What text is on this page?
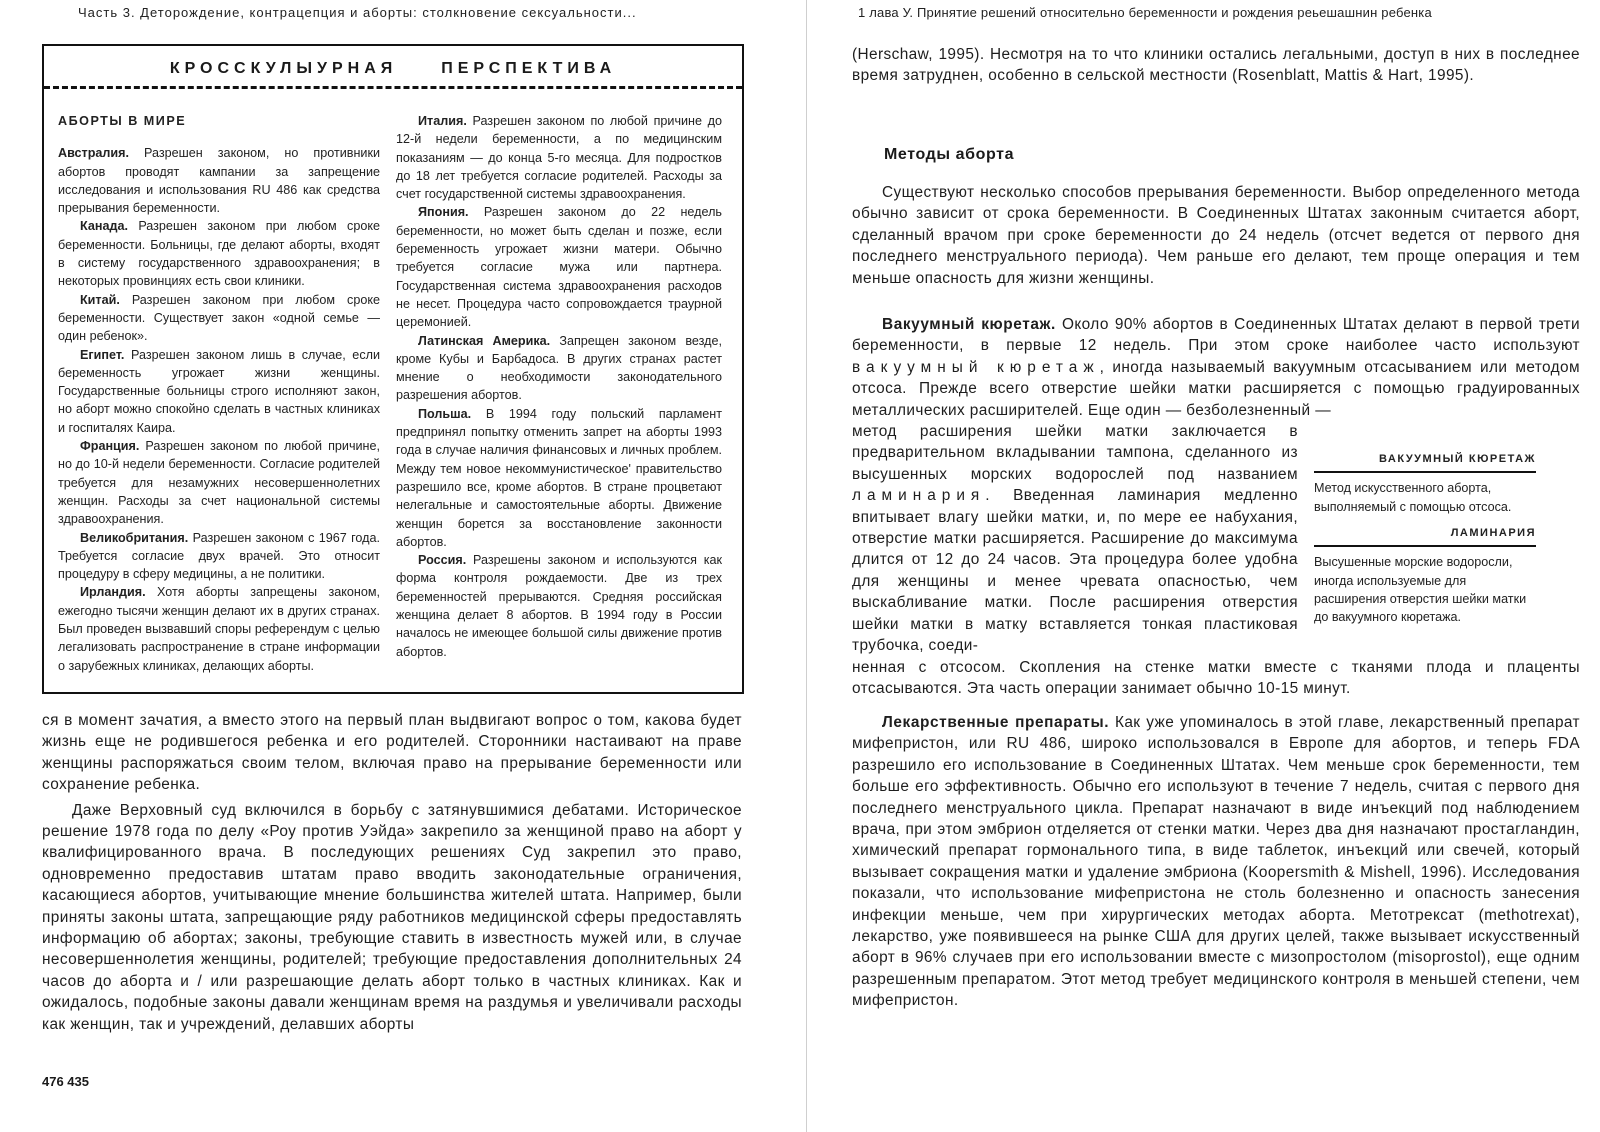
Часть 3. Деторождение, контрацепция и аборты: столкновение сексуальности...
КРОССКУЛЫУРНАЯ	ПЕРСПЕКТИВА
АБОРТЫ В МИРЕ

Австралия. Разрешен законом, но противники абортов проводят кампании за запрещение исследования и использования RU 486 как средства прерывания беременности.

Канада. Разрешен законом при любом сроке беременности. Больницы, где делают аборты, входят в систему государственного здравоохранения; в некоторых провинциях есть свои клиники.

Китай. Разрешен законом при любом сроке беременности. Существует закон «одной семье — один ребенок».

Египет. Разрешен законом лишь в случае, если беременность угрожает жизни женщины. Государственные больницы строго исполняют закон, но аборт можно спокойно сделать в частных клиниках и госпиталях Каира.

Франция. Разрешен законом по любой причине, но до 10-й недели беременности. Согласие родителей требуется для незамужних несовершеннолетних женщин. Расходы за счет национальной системы здравоохранения.

Великобритания. Разрешен законом с 1967 года. Требуется согласие двух врачей. Это относит процедуру в сферу медицины, а не политики.

Ирландия. Хотя аборты запрещены законом, ежегодно тысячи женщин делают их в других странах. Был проведен вызвавший споры референдум с целью легализовать распространение в стране информации о зарубежных клиниках, делающих аборты.

Италия. Разрешен законом по любой причине до 12-й недели беременности, а по медицинским показаниям — до конца 5-го месяца. Для подростков до 18 лет требуется согласие родителей. Расходы за счет государственной системы здравоохранения.

Япония. Разрешен законом до 22 недель беременности, но может быть сделан и позже, если беременность угрожает жизни матери. Обычно требуется согласие мужа или партнера. Государственная система здравоохранения расходов не несет. Процедура часто сопровождается траурной церемонией.

Латинская Америка. Запрещен законом везде, кроме Кубы и Барбадоса. В других странах растет мнение о необходимости законодательного разрешения абортов.

Польша. В 1994 году польский парламент предпринял попытку отменить запрет на аборты 1993 года в случае наличия финансовых и личных проблем. Между тем новое некоммунистическое' правительство разрешило все, кроме абортов. В стране процветают нелегальные и самостоятельные аборты. Движение женщин борется за восстановление законности абортов.

Россия. Разрешены законом и используются как форма контроля рождаемости. Две из трех беременностей прерываются. Средняя российская женщина делает 8 абортов. В 1994 году в России началось не имеющее большой силы движение против абортов.

ся в момент зачатия, а вместо этого на первый план выдвигают вопрос о том, какова будет жизнь еще не родившегося ребенка и его родителей. Сторонники настаивают на праве женщины распоряжаться своим телом, включая право на прерывание беременности или сохранение ребенка.

Даже Верховный суд включился в борьбу с затянувшимися дебатами. Историческое решение 1978 года по делу «Роу против Уэйда» закрепило за женщиной право на аборт у квалифицированного врача. В последующих решениях Суд закрепил это право, одновременно предоставив штатам право вводить законодательные ограничения, касающиеся абортов, учитывающие мнение большинства жителей штата. Например, были приняты законы штата, запрещающие ряду работников медицинской сферы предоставлять информацию об абортах; законы, требующие ставить в известность мужей или, в случае несовершеннолетия женщины, родителей; требующие предоставления дополнительных 24 часов до аборта и / или разрешающие делать аборт только в частных клиниках. Как и ожидалось, подобные законы давали женщинам время на раздумья и увеличивали расходы как женщин, так и учреждений, делавших аборты

476 435
1 лава У. Принятие решений относительно беременности и рождения реьешашнин ребенка

(Herschaw, 1995). Несмотря на то что клиники остались легальными, доступ в них в последнее время затруднен, особенно в сельской местности (Rosenblatt, Mattis & Hart, 1995).

Методы аборта

Существуют несколько способов прерывания беременности. Выбор определенного метода обычно зависит от срока беременности. В Соединенных Штатах законным считается аборт, сделанный врачом при сроке беременности до 24 недель (отсчет ведется от первого дня последнего менструального периода). Чем раньше его делают, тем проще операция и тем меньше опасность для жизни женщины.

Вакуумный кюретаж. Около 90% абортов в Соединенных Штатах делают в первой трети беременности, в первые 12 недель. При этом сроке наиболее часто используют вакуумный кюретаж, иногда называемый вакуумным отсасыванием или методом отсоса. Прежде всего отверстие шейки матки расширяется с помощью градуированных металлических расширителей. Еще один — безболезненный —

метод расширения шейки матки заключается в предварительном вкладывании тампона, сделанного из высушенных морских водорослей под названием ламинария. Введенная ламинария медленно впитывает влагу шейки матки, и, по мере ее набухания, отверстие матки расширяется. Расширение до максимума длится от 12 до 24 часов. Эта процедура более удобна для женщины и менее чревата опасностью, чем выскабливание матки. После расширения отверстия шейки матки в матку вставляется тонкая пластиковая трубочка, соеди-

ненная с отсосом. Скопления на стенке матки вместе с тканями плода и плаценты отсасываются. Эта часть операции занимает обычно 10-15 минут.

ВАКУУМНЫЙ КЮРЕТАЖ
Метод искусственного аборта, выполняемый с помощью отсоса.
ЛАМИНАРИЯ
Высушенные морские водоросли, иногда используемые для расширения отверстия шейки матки до вакуумного кюретажа.

Лекарственные препараты. Как уже упоминалось в этой главе, лекарственный препарат мифепристон, или RU 486, широко использовался в Европе для абортов, и теперь FDA разрешило его использование в Соединенных Штатах. Чем меньше срок беременности, тем больше его эффективность. Обычно его используют в течение 7 недель, считая с первого дня последнего менструального цикла. Препарат назначают в виде инъекций под наблюдением врача, при этом эмбрион отделяется от стенки матки. Через два дня назначают простагландин, химический препарат гормонального типа, в виде таблеток, инъекций или свечей, который вызывает сокращения матки и удаление эмбриона (Koopersmith & Mishell, 1996). Исследования показали, что использование мифепристона не столь болезненно и опасность занесения инфекции меньше, чем при хирургических методах аборта. Метотрексат (methotrexat), лекарство, уже появившееся на рынке США для других целей, также вызывает искусственный аборт в 96% случаев при его использовании вместе с мизопростолом (misoprostol), еще одним разрешенным препаратом. Этот метод требует медицинского контроля в меньшей степени, чем мифепристон.
